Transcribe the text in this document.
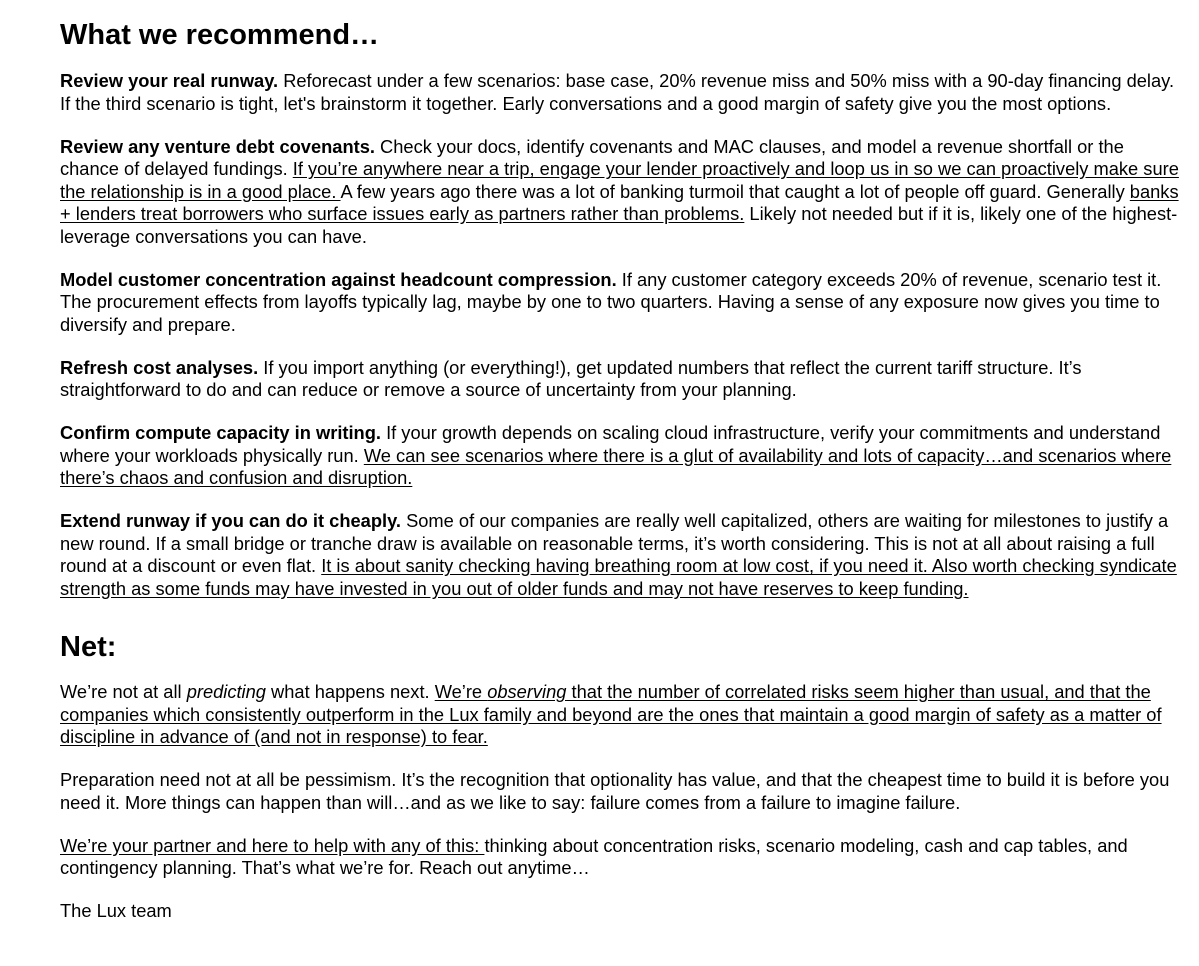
What we recommend…

Review your real runway. Reforecast under a few scenarios: base case, 20% revenue miss and 50% miss with a 90-day financing delay. If the third scenario is tight, let's brainstorm it together. Early conversations and a good margin of safety give you the most options.

Review any venture debt covenants. Check your docs, identify covenants and MAC clauses, and model a revenue shortfall or the chance of delayed fundings. If you’re anywhere near a trip, engage your lender proactively and loop us in so we can proactively make sure the relationship is in a good place. A few years ago there was a lot of banking turmoil that caught a lot of people off guard. Generally banks + lenders treat borrowers who surface issues early as partners rather than problems. Likely not needed but if it is, likely one of the highest-leverage conversations you can have.

Model customer concentration against headcount compression. If any customer category exceeds 20% of revenue, scenario test it. The procurement effects from layoffs typically lag, maybe by one to two quarters. Having a sense of any exposure now gives you time to diversify and prepare.

Refresh cost analyses. If you import anything (or everything!), get updated numbers that reflect the current tariff structure. It’s straightforward to do and can reduce or remove a source of uncertainty from your planning.

Confirm compute capacity in writing. If your growth depends on scaling cloud infrastructure, verify your commitments and understand where your workloads physically run. We can see scenarios where there is a glut of availability and lots of capacity…and scenarios where there’s chaos and confusion and disruption.

Extend runway if you can do it cheaply. Some of our companies are really well capitalized, others are waiting for milestones to justify a new round. If a small bridge or tranche draw is available on reasonable terms, it’s worth considering. This is not at all about raising a full round at a discount or even flat. It is about sanity checking having breathing room at low cost, if you need it. Also worth checking syndicate strength as some funds may have invested in you out of older funds and may not have reserves to keep funding.

Net:

We’re not at all predicting what happens next. We’re observing that the number of correlated risks seem higher than usual, and that the companies which consistently outperform in the Lux family and beyond are the ones that maintain a good margin of safety as a matter of discipline in advance of (and not in response) to fear.

Preparation need not at all be pessimism. It’s the recognition that optionality has value, and that the cheapest time to build it is before you need it. More things can happen than will…and as we like to say: failure comes from a failure to imagine failure.

We’re your partner and here to help with any of this: thinking about concentration risks, scenario modeling, cash and cap tables, and contingency planning. That’s what we’re for. Reach out anytime…

The Lux team
